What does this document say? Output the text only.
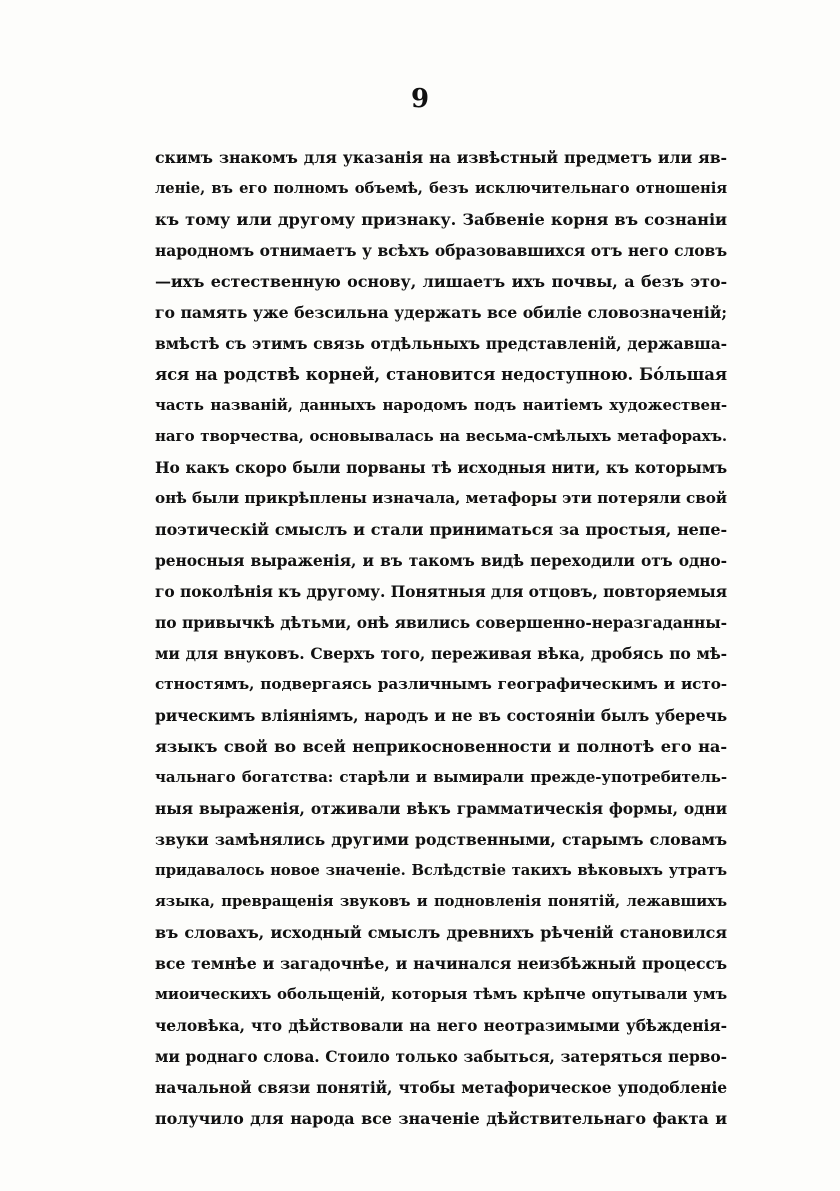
9
скимъ знакомъ для указанія на извѣстный предметъ или яв-
леніе, въ его полномъ объемѣ, безъ исключительнаго отношенія
къ тому или другому признаку. Забвеніе корня въ сознаніи
народномъ отнимаетъ у всѣхъ образовавшихся отъ него словъ
—ихъ естественную основу, лишаетъ ихъ почвы, а безъ это-
го память уже безсильна удержать все обиліе словозначеній;
вмѣстѣ съ этимъ связь отдѣльныхъ представленій, державша-
яся на родствѣ корней, становится недоступною. Бóльшая
часть названій, данныхъ народомъ подъ наитіемъ художествен-
наго творчества, основывалась на весьма-смѣлыхъ метафорахъ.
Но какъ скоро были порваны тѣ исходныя нити, къ которымъ
онѣ были прикрѣплены изначала, метафоры эти потеряли свой
поэтическій смыслъ и стали приниматься за простыя, непе-
реносныя выраженія, и въ такомъ видѣ переходили отъ одно-
го поколѣнія къ другому. Понятныя для отцовъ, повторяемыя
по привычкѣ дѣтьми, онѣ явились совершенно-неразгаданны-
ми для внуковъ. Сверхъ того, переживая вѣка, дробясь по мѣ-
стностямъ, подвергаясь различнымъ географическимъ и исто-
рическимъ вліяніямъ, народъ и не въ состояніи былъ уберечь
языкъ свой во всей неприкосновенности и полнотѣ его на-
чальнаго богатства: старѣли и вымирали прежде-употребитель-
ныя выраженія, отживали вѣкъ грамматическія формы, одни
звуки замѣнялись другими родственными, старымъ словамъ
придавалось новое значеніе. Вслѣдствіе такихъ вѣковыхъ утратъ
языка, превращенія звуковъ и подновленія понятій, лежавшихъ
въ словахъ, исходный смыслъ древнихъ рѣченій становился
все темнѣе и загадочнѣе, и начинался неизбѣжный процессъ
миоическихъ обольщеній, которыя тѣмъ крѣпче опутывали умъ
человѣка, что дѣйствовали на него неотразимыми убѣжденія-
ми роднаго слова. Стоило только забыться, затеряться перво-
начальной связи понятій, чтобы метафорическое уподобленіе
получило для народа все значеніе дѣйствительнаго факта и
